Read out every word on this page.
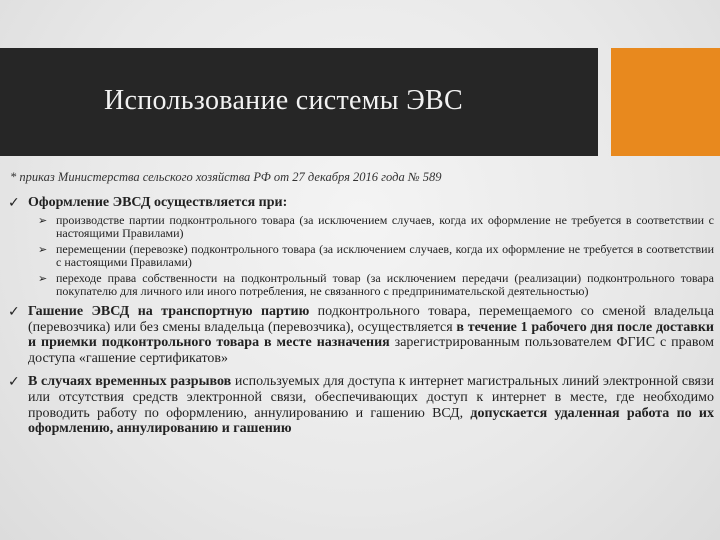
Использование системы ЭВС
* приказ Министерства сельского хозяйства РФ от 27 декабря 2016 года № 589
✓ Оформление ЭВСД осуществляется при:
➢ производстве партии подконтрольного товара (за исключением случаев, когда их оформление не требуется в соответствии с настоящими Правилами)
➢ перемещении (перевозке) подконтрольного товара (за исключением случаев, когда их оформление не требуется в соответствии с настоящими Правилами)
➢ переходе права собственности на подконтрольный товар (за исключением передачи (реализации) подконтрольного товара покупателю для личного или иного потребления, не связанного с предпринимательской деятельностью)
✓ Гашение ЭВСД на транспортную партию подконтрольного товара, перемещаемого со сменой владельца (перевозчика) или без смены владельца (перевозчика), осуществляется в течение 1 рабочего дня после доставки и приемки подконтрольного товара в месте назначения зарегистрированным пользователем ФГИС с правом доступа «гашение сертификатов»
✓ В случаях временных разрывов используемых для доступа к интернет магистральных линий электронной связи или отсутствия средств электронной связи, обеспечивающих доступ к интернет в месте, где необходимо проводить работу по оформлению, аннулированию и гашению ВСД, допускается удаленная работа по их оформлению, аннулированию и гашению
